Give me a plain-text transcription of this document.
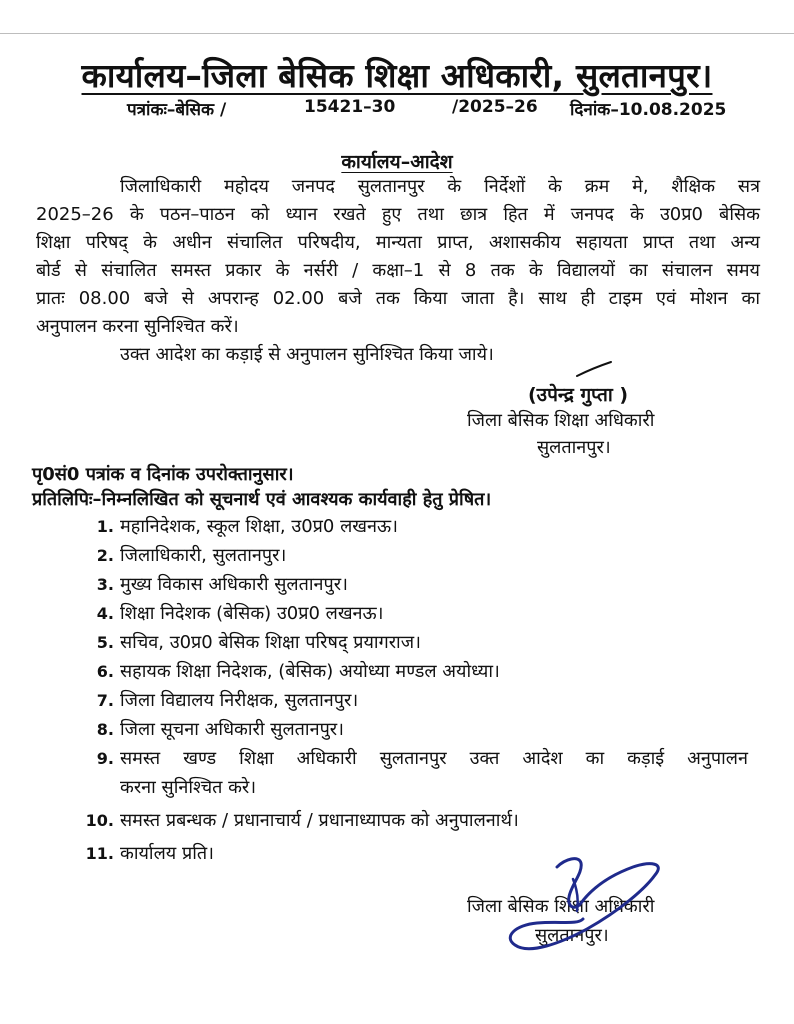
कार्यालय–जिला बेसिक शिक्षा अधिकारी, सुलतानपुर।
पत्रांकः–बेसिक /	15421–30	/2025–26 दिनांक–10.08.2025
कार्यालय–आदेश
जिलाधिकारी महोदय जनपद सुलतानपुर के निर्देशों के क्रम मे, शैक्षिक सत्र
2025–26 के पठन–पाठन को ध्यान रखते हुए तथा छात्र हित में जनपद के उ0प्र0 बेसिक
शिक्षा परिषद् के अधीन संचालित परिषदीय, मान्यता प्राप्त, अशासकीय सहायता प्राप्त तथा अन्य
बोर्ड से संचालित समस्त प्रकार के नर्सरी / कक्षा–1 से 8 तक के विद्यालयों का संचालन समय
प्रातः 08.00 बजे से अपरान्ह 02.00 बजे तक किया जाता है। साथ ही टाइम एवं मोशन का
अनुपालन करना सुनिश्चित करें।
उक्त आदेश का कड़ाई से अनुपालन सुनिश्चित किया जाये।
(उपेन्द्र गुप्ता )
जिला बेसिक शिक्षा अधिकारी
सुलतानपुर।
पृ0सं0 पत्रांक व दिनांक उपरोक्तानुसार।
प्रतिलिपिः–निम्नलिखित को सूचनार्थ एवं आवश्यक कार्यवाही हेतु प्रेषित।
1. महानिदेशक, स्कूल शिक्षा, उ0प्र0 लखनऊ।
2. जिलाधिकारी, सुलतानपुर।
3. मुख्य विकास अधिकारी सुलतानपुर।
4. शिक्षा निदेशक (बेसिक) उ0प्र0 लखनऊ।
5. सचिव, उ0प्र0 बेसिक शिक्षा परिषद् प्रयागराज।
6. सहायक शिक्षा निदेशक, (बेसिक) अयोध्या मण्डल अयोध्या।
7. जिला विद्यालय निरीक्षक, सुलतानपुर।
8. जिला सूचना अधिकारी सुलतानपुर।
9. समस्त खण्ड शिक्षा अधिकारी सुलतानपुर उक्त आदेश का कड़ाई अनुपालन
करना सुनिश्चित करे।
10. समस्त प्रबन्धक / प्रधानाचार्य / प्रधानाध्यापक को अनुपालनार्थ।
11. कार्यालय प्रति।
जिला बेसिक शिक्षा अधिकारी
सुलतानपुर।
